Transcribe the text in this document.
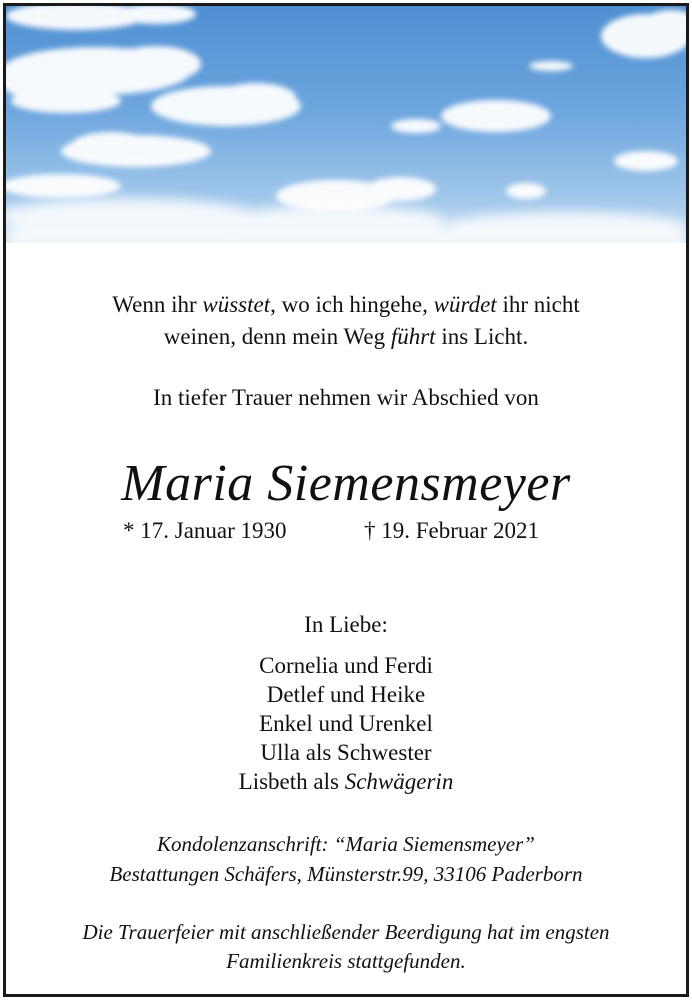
Wenn ihr wüsstet, wo ich hingehe, würdet ihr nicht
weinen, denn mein Weg führt ins Licht.
In tiefer Trauer nehmen wir Abschied von
Maria Siemensmeyer
* 17. Januar 1930	† 19. Februar 2021
In Liebe:
Cornelia und Ferdi
Detlef und Heike
Enkel und Urenkel
Ulla als Schwester
Lisbeth als Schwägerin
Kondolenzanschrift: “Maria Siemensmeyer”
Bestattungen Schäfers, Münsterstr.99, 33106 Paderborn
Die Trauerfeier mit anschließender Beerdigung hat im engsten
Familienkreis stattgefunden.
